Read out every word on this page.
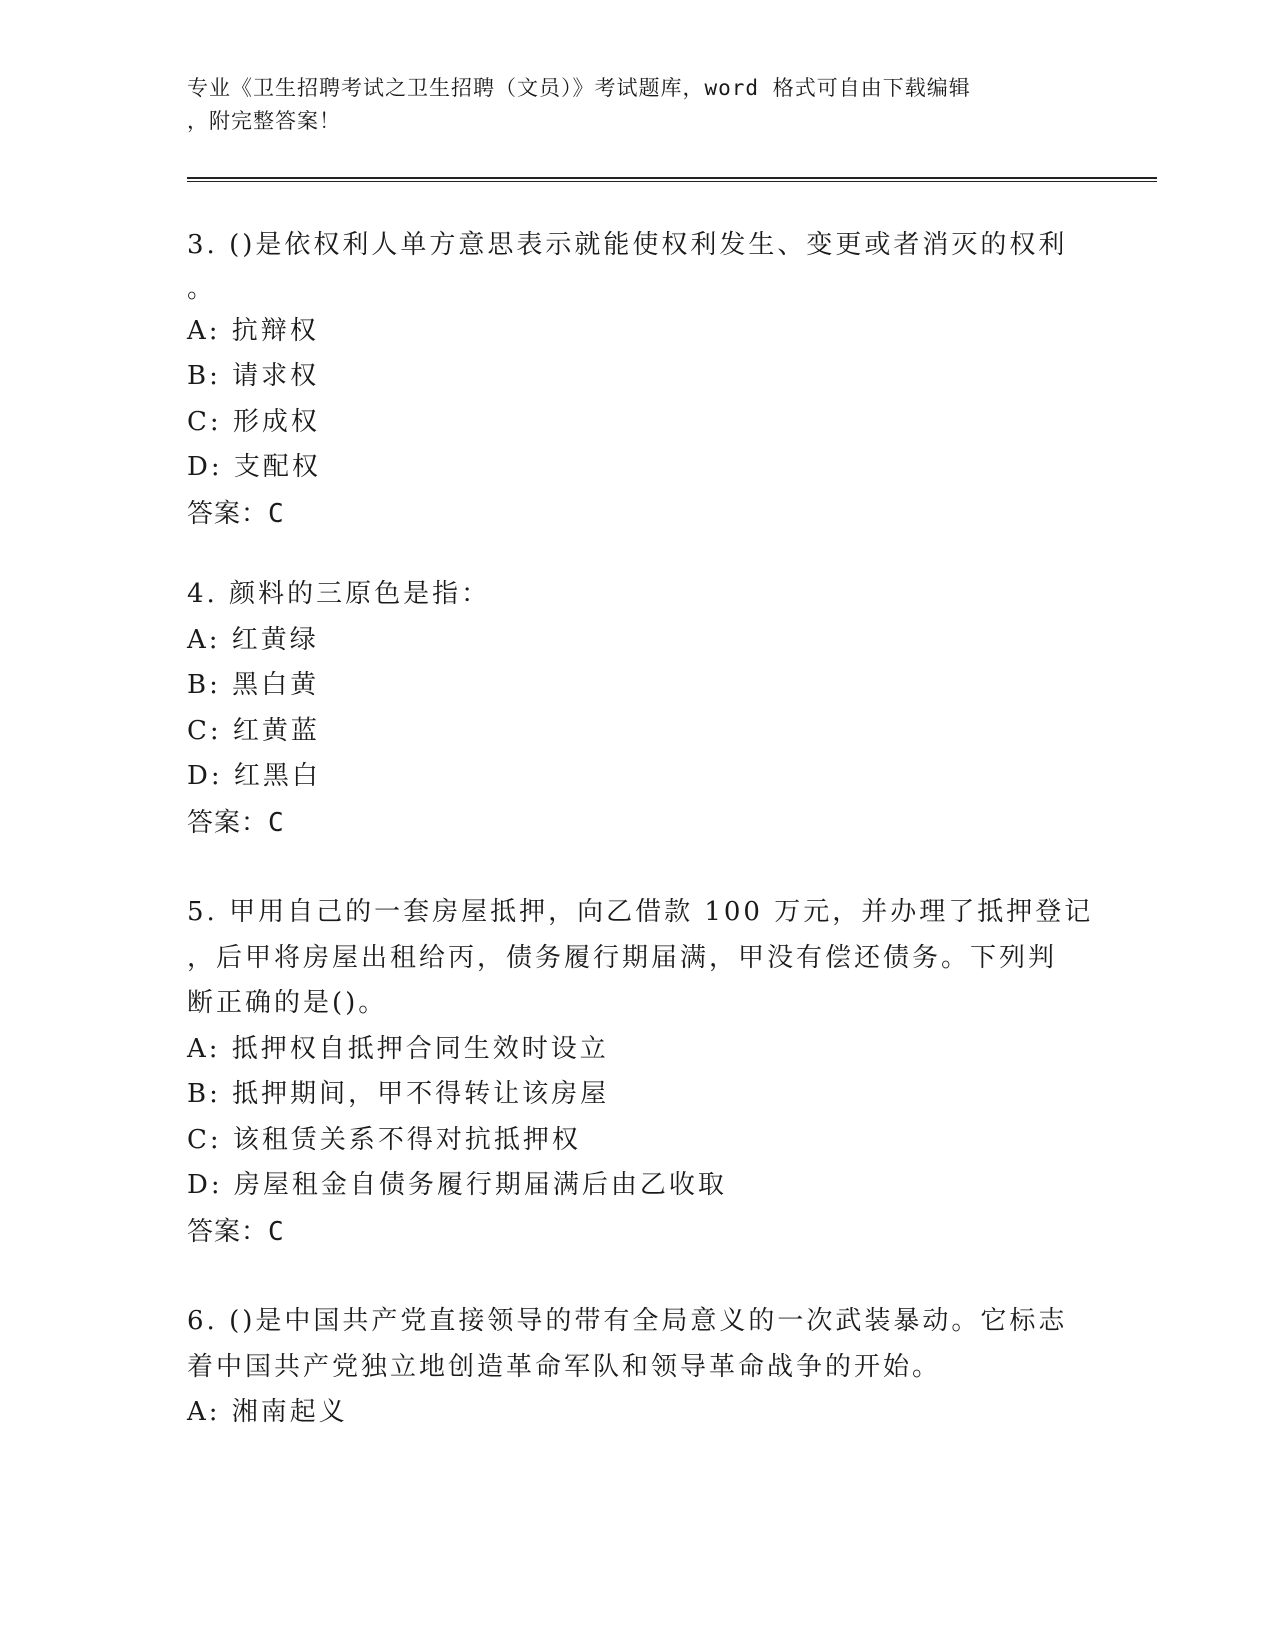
专业《卫生招聘考试之卫生招聘（文员）》考试题库，word 格式可自由下载编辑
，附完整答案！

3. ()是依权利人单方意思表示就能使权利发生、变更或者消灭的权利

。

A: 抗辩权

B: 请求权

C: 形成权

D: 支配权

答案：C

4. 颜料的三原色是指：

A: 红黄绿

B: 黑白黄

C: 红黄蓝

D: 红黑白

答案：C

5. 甲用自己的一套房屋抵押，向乙借款 100 万元，并办理了抵押登记

，后甲将房屋出租给丙，债务履行期届满，甲没有偿还债务。下列判

断正确的是()。

A: 抵押权自抵押合同生效时设立

B: 抵押期间，甲不得转让该房屋

C: 该租赁关系不得对抗抵押权

D: 房屋租金自债务履行期届满后由乙收取

答案：C

6. ()是中国共产党直接领导的带有全局意义的一次武装暴动。它标志

着中国共产党独立地创造革命军队和领导革命战争的开始。

A: 湘南起义
